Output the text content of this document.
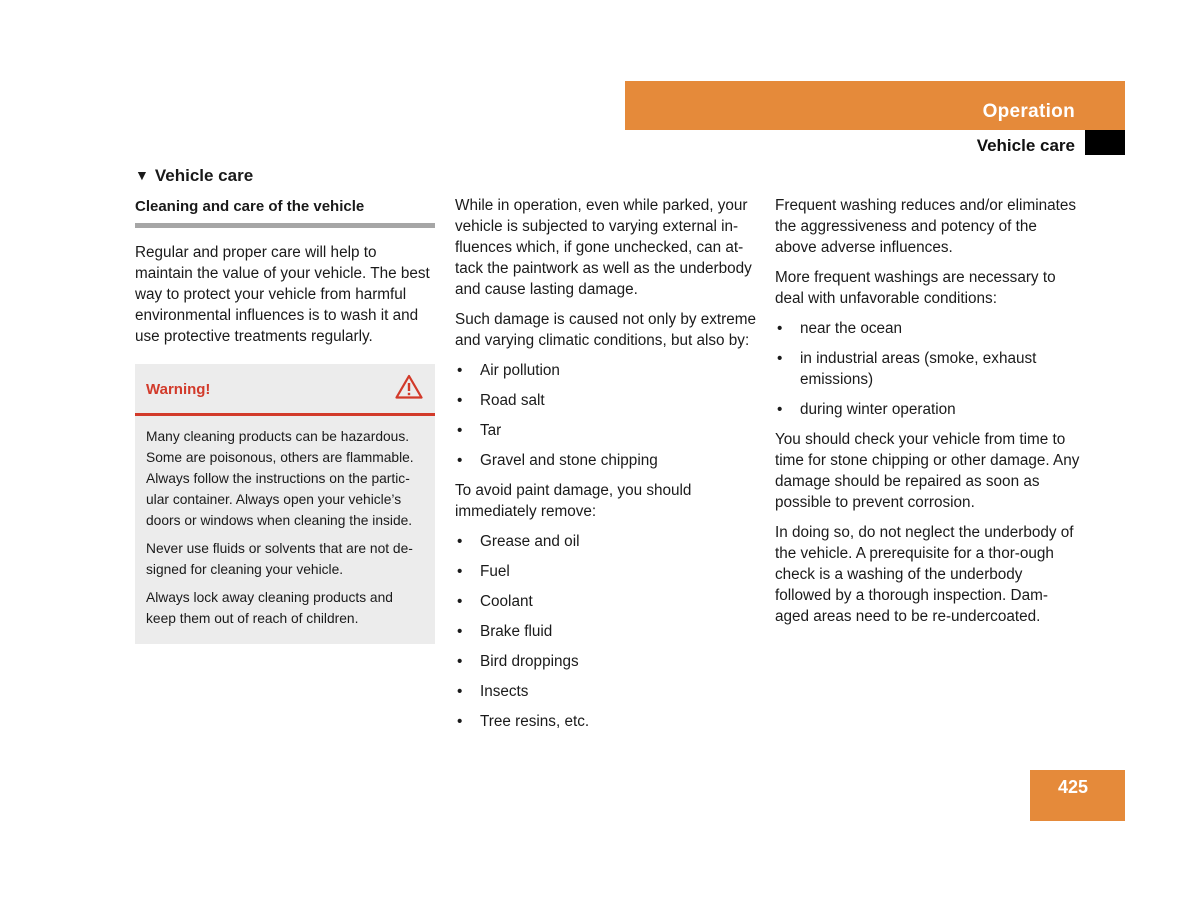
Operation
Vehicle care
▼ Vehicle care
Cleaning and care of the vehicle

Regular and proper care will help to maintain the value of your vehicle. The best way to protect your vehicle from harmful environmental influences is to wash it and use protective treatments regularly.

Warning!

Many cleaning products can be hazardous. Some are poisonous, others are flammable. Always follow the instructions on the partic-ular container. Always open your vehicle’s doors or windows when cleaning the inside.

Never use fluids or solvents that are not de-signed for cleaning your vehicle.

Always lock away cleaning products and keep them out of reach of children.

While in operation, even while parked, your vehicle is subjected to varying external in-fluences which, if gone unchecked, can at-tack the paintwork as well as the underbody and cause lasting damage.

Such damage is caused not only by extreme and varying climatic conditions, but also by:

• Air pollution
• Road salt
• Tar
• Gravel and stone chipping

To avoid paint damage, you should immediately remove:

• Grease and oil
• Fuel
• Coolant
• Brake fluid
• Bird droppings
• Insects
• Tree resins, etc.

Frequent washing reduces and/or eliminates the aggressiveness and potency of the above adverse influences.

More frequent washings are necessary to deal with unfavorable conditions:

• near the ocean
• in industrial areas (smoke, exhaust emissions)
• during winter operation

You should check your vehicle from time to time for stone chipping or other damage. Any damage should be repaired as soon as possible to prevent corrosion.

In doing so, do not neglect the underbody of the vehicle. A prerequisite for a thor-ough check is a washing of the underbody followed by a thorough inspection. Dam-aged areas need to be re-undercoated.

425
